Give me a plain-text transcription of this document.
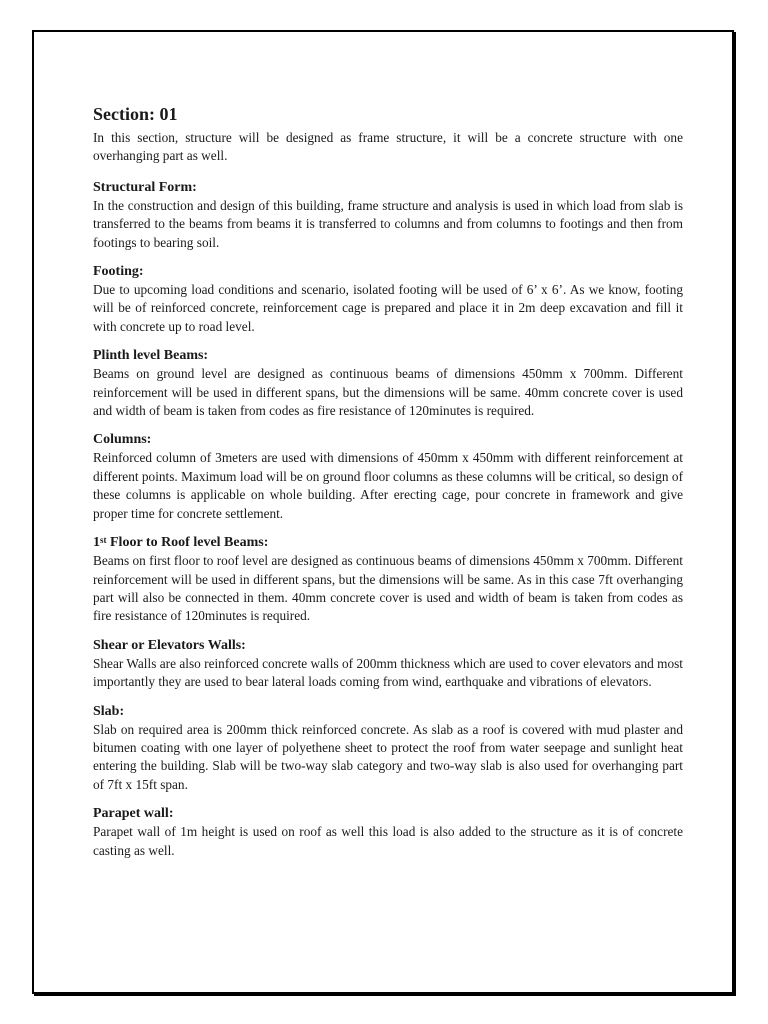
Section: 01

In this section, structure will be designed as frame structure, it will be a concrete structure with one overhanging part as well.

Structural Form:

In the construction and design of this building, frame structure and analysis is used in which load from slab is transferred to the beams from beams it is transferred to columns and from columns to footings and then from footings to bearing soil.

Footing:

Due to upcoming load conditions and scenario, isolated footing will be used of 6’ x 6’. As we know, footing will be of reinforced concrete, reinforcement cage is prepared and place it in 2m deep excavation and fill it with concrete up to road level.

Plinth level Beams:

Beams on ground level are designed as continuous beams of dimensions 450mm x 700mm. Different reinforcement will be used in different spans, but the dimensions will be same. 40mm concrete cover is used and width of beam is taken from codes as fire resistance of 120minutes is required.

Columns:

Reinforced column of 3meters are used with dimensions of 450mm x 450mm with different reinforcement at different points. Maximum load will be on ground floor columns as these columns will be critical, so design of these columns is applicable on whole building. After erecting cage, pour concrete in framework and give proper time for concrete settlement.

1st Floor to Roof level Beams:

Beams on first floor to roof level are designed as continuous beams of dimensions 450mm x 700mm. Different reinforcement will be used in different spans, but the dimensions will be same. As in this case 7ft overhanging part will also be connected in them. 40mm concrete cover is used and width of beam is taken from codes as fire resistance of 120minutes is required.

Shear or Elevators Walls:

Shear Walls are also reinforced concrete walls of 200mm thickness which are used to cover elevators and most importantly they are used to bear lateral loads coming from wind, earthquake and vibrations of elevators.

Slab:

Slab on required area is 200mm thick reinforced concrete. As slab as a roof is covered with mud plaster and bitumen coating with one layer of polyethene sheet to protect the roof from water seepage and sunlight heat entering the building. Slab will be two-way slab category and two-way slab is also used for overhanging part of 7ft x 15ft span.

Parapet wall:

Parapet wall of 1m height is used on roof as well this load is also added to the structure as it is of concrete casting as well.
